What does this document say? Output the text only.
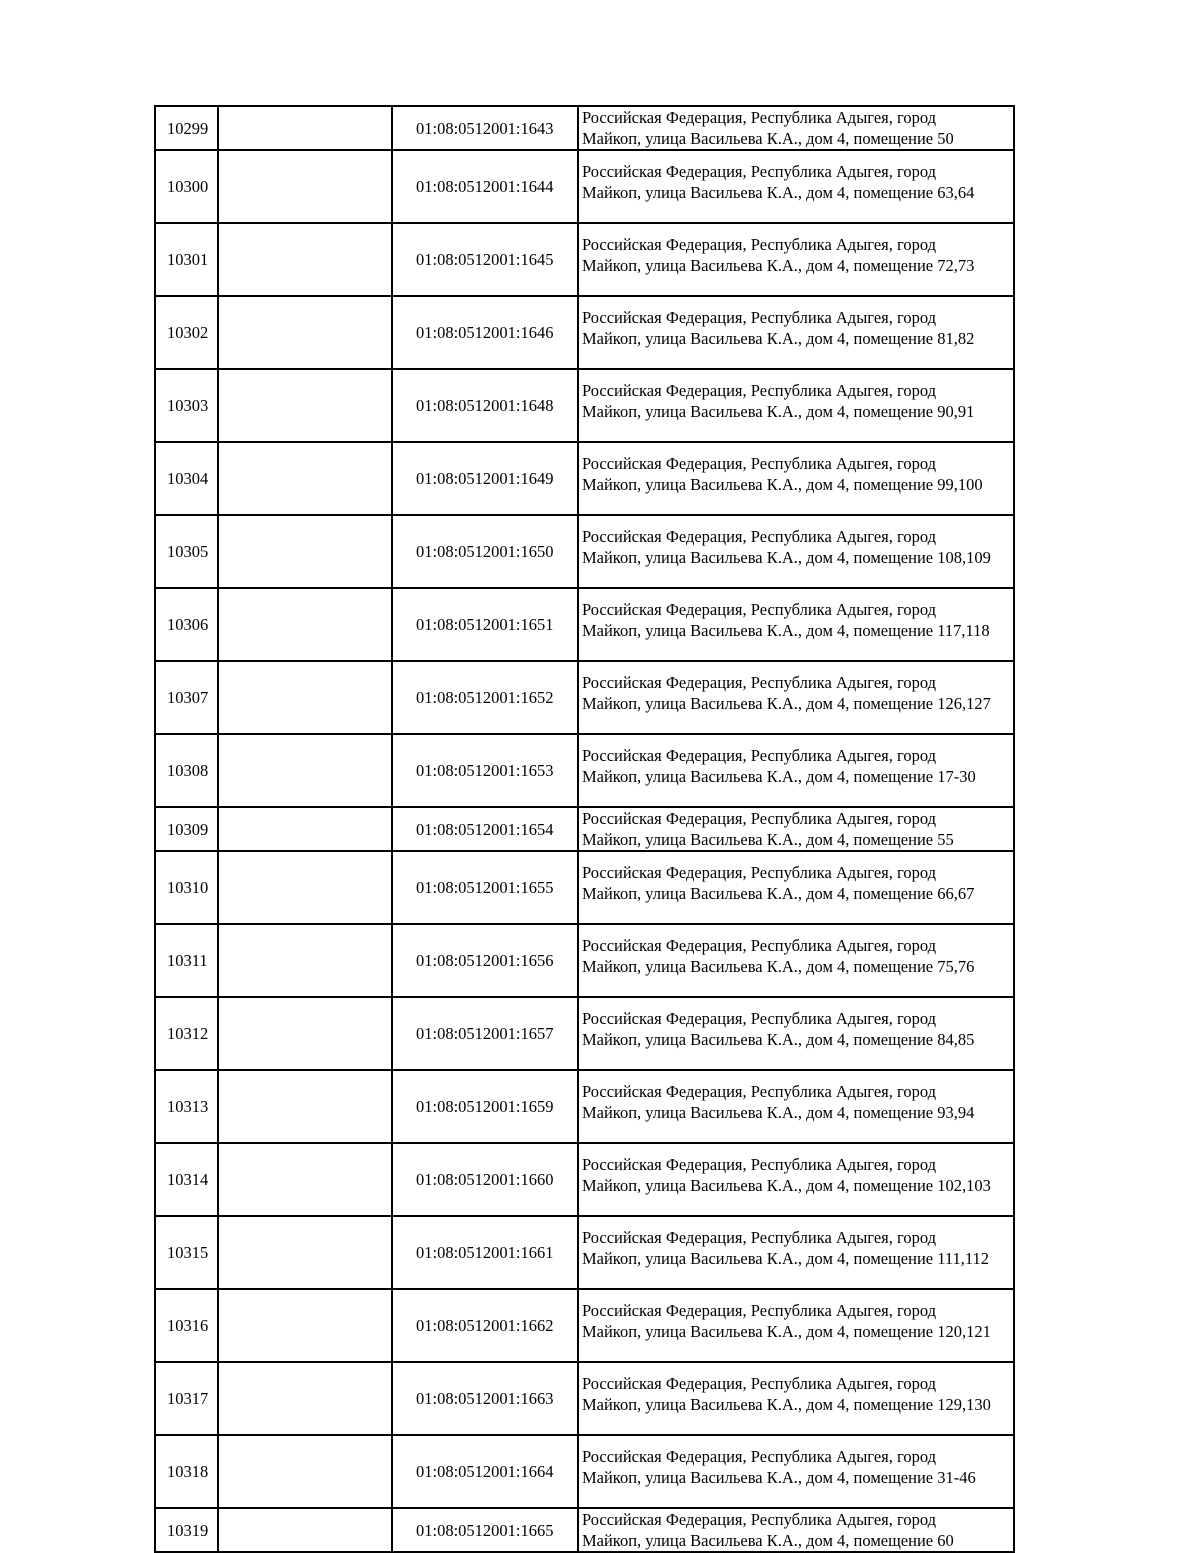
10299		01:08:0512001:1643	Российская Федерация, Республика Адыгея, город
Майкоп, улица Васильева К.А., дом 4, помещение 50

10300		01:08:0512001:1644	Российская Федерация, Республика Адыгея, город
Майкоп, улица Васильева К.А., дом 4, помещение 63,64

10301		01:08:0512001:1645	Российская Федерация, Республика Адыгея, город
Майкоп, улица Васильева К.А., дом 4, помещение 72,73

10302		01:08:0512001:1646	Российская Федерация, Республика Адыгея, город
Майкоп, улица Васильева К.А., дом 4, помещение 81,82

10303		01:08:0512001:1648	Российская Федерация, Республика Адыгея, город
Майкоп, улица Васильева К.А., дом 4, помещение 90,91

10304		01:08:0512001:1649	Российская Федерация, Республика Адыгея, город
Майкоп, улица Васильева К.А., дом 4, помещение 99,100

10305		01:08:0512001:1650	Российская Федерация, Республика Адыгея, город
Майкоп, улица Васильева К.А., дом 4, помещение 108,109

10306		01:08:0512001:1651	Российская Федерация, Республика Адыгея, город
Майкоп, улица Васильева К.А., дом 4, помещение 117,118

10307		01:08:0512001:1652	Российская Федерация, Республика Адыгея, город
Майкоп, улица Васильева К.А., дом 4, помещение 126,127

10308		01:08:0512001:1653	Российская Федерация, Республика Адыгея, город
Майкоп, улица Васильева К.А., дом 4, помещение 17-30

10309		01:08:0512001:1654	Российская Федерация, Республика Адыгея, город
Майкоп, улица Васильева К.А., дом 4, помещение 55

10310		01:08:0512001:1655	Российская Федерация, Республика Адыгея, город
Майкоп, улица Васильева К.А., дом 4, помещение 66,67

10311		01:08:0512001:1656	Российская Федерация, Республика Адыгея, город
Майкоп, улица Васильева К.А., дом 4, помещение 75,76

10312		01:08:0512001:1657	Российская Федерация, Республика Адыгея, город
Майкоп, улица Васильева К.А., дом 4, помещение 84,85

10313		01:08:0512001:1659	Российская Федерация, Республика Адыгея, город
Майкоп, улица Васильева К.А., дом 4, помещение 93,94

10314		01:08:0512001:1660	Российская Федерация, Республика Адыгея, город
Майкоп, улица Васильева К.А., дом 4, помещение 102,103

10315		01:08:0512001:1661	Российская Федерация, Республика Адыгея, город
Майкоп, улица Васильева К.А., дом 4, помещение 111,112

10316		01:08:0512001:1662	Российская Федерация, Республика Адыгея, город
Майкоп, улица Васильева К.А., дом 4, помещение 120,121

10317		01:08:0512001:1663	Российская Федерация, Республика Адыгея, город
Майкоп, улица Васильева К.А., дом 4, помещение 129,130

10318		01:08:0512001:1664	Российская Федерация, Республика Адыгея, город
Майкоп, улица Васильева К.А., дом 4, помещение 31-46

10319		01:08:0512001:1665	Российская Федерация, Республика Адыгея, город
Майкоп, улица Васильева К.А., дом 4, помещение 60
